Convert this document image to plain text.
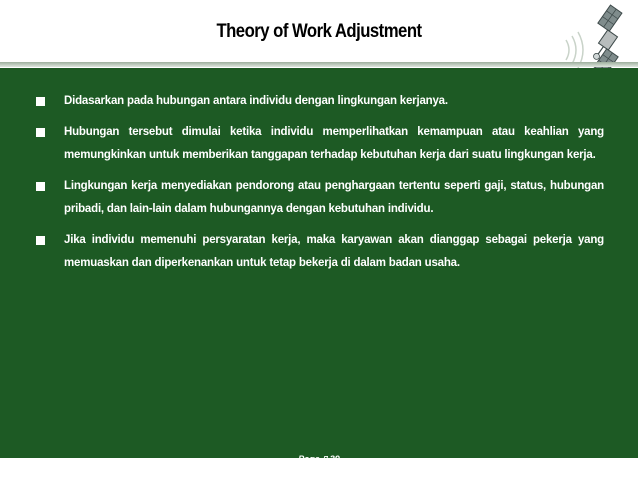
Theory of Work Adjustment
Didasarkan pada hubungan antara individu dengan lingkungan kerjanya.
Hubungan tersebut dimulai ketika individu memperlihatkan kemampuan atau keahlian yang memungkinkan untuk memberikan tanggapan terhadap kebutuhan kerja dari suatu lingkungan kerja.
Lingkungan kerja menyediakan pendorong atau penghargaan tertentu seperti gaji, status, hubungan pribadi, dan lain-lain dalam hubungannya dengan kebutuhan individu.
Jika individu memenuhi persyaratan kerja, maka karyawan akan dianggap sebagai pekerja yang memuaskan dan diperkenankan untuk tetap bekerja di dalam badan usaha.
